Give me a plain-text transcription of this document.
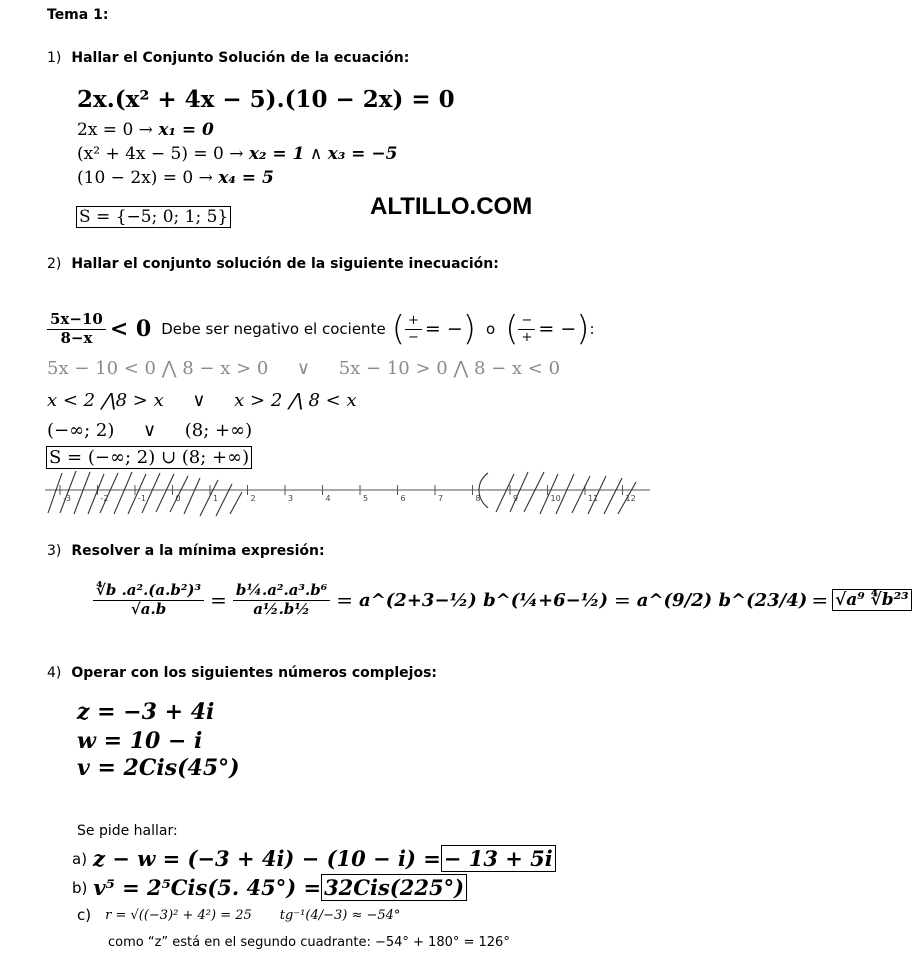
Tema 1:
1) Hallar el Conjunto Solución de la ecuación:
2x.(x² + 4x − 5).(10 − 2x) = 0
2x = 0 → x₁ = 0
(x² + 4x − 5) = 0 → x₂ = 1 ∧ x₃ = −5
(10 − 2x) = 0 → x₄ = 5
S = {−5; 0; 1; 5}	ALTILLO.COM
2) Hallar el conjunto solución de la siguiente inecuación:
$\frac{5x-10}{8-x} < 0$ Debe ser negativo el cociente ( $\frac{+}{-}$ = − ) o ( $\frac{-}{+}$ = − ) :
5x − 10 < 0 ⋀ 8 − x > 0     ∨     5x − 10 > 0 ⋀ 8 − x < 0
x < 2 ⋀8 > x     ∨     x > 2 ⋀ 8 < x
(−∞; 2)     ∨     (8; +∞)
S = (−∞; 2) ∪ (8; +∞)
-3	-2	-1	0	1	2	3	4	5	6	7	8	9	10	11	12
3) Resolver a la mínima expresión:
$\frac{\text{∜b .a².(a.b²)³}}{√a.b} = \frac{\text{b¼.a².a³.b⁶}}{\text{a½.b½}}$ = a^(2+3−½) b^(¼+6−½) = a^(9/2) b^(23/4) = √a⁹ ∜b²³
4) Operar con los siguientes números complejos:
z = −3 + 4i
w = 10 − i
v = 2Cis(45°)
Se pide hallar:
a) z − w = (−3 + 4i) − (10 − i) = − 13 + 5i
b) v⁵ = 2⁵Cis(5. 45°) = 32Cis(225°)
c) r = √((−3)² + 4²) = 25 tg⁻¹(4/−3) ≈ −54°
como “z” está en el segundo cuadrante: −54° + 180° = 126°
